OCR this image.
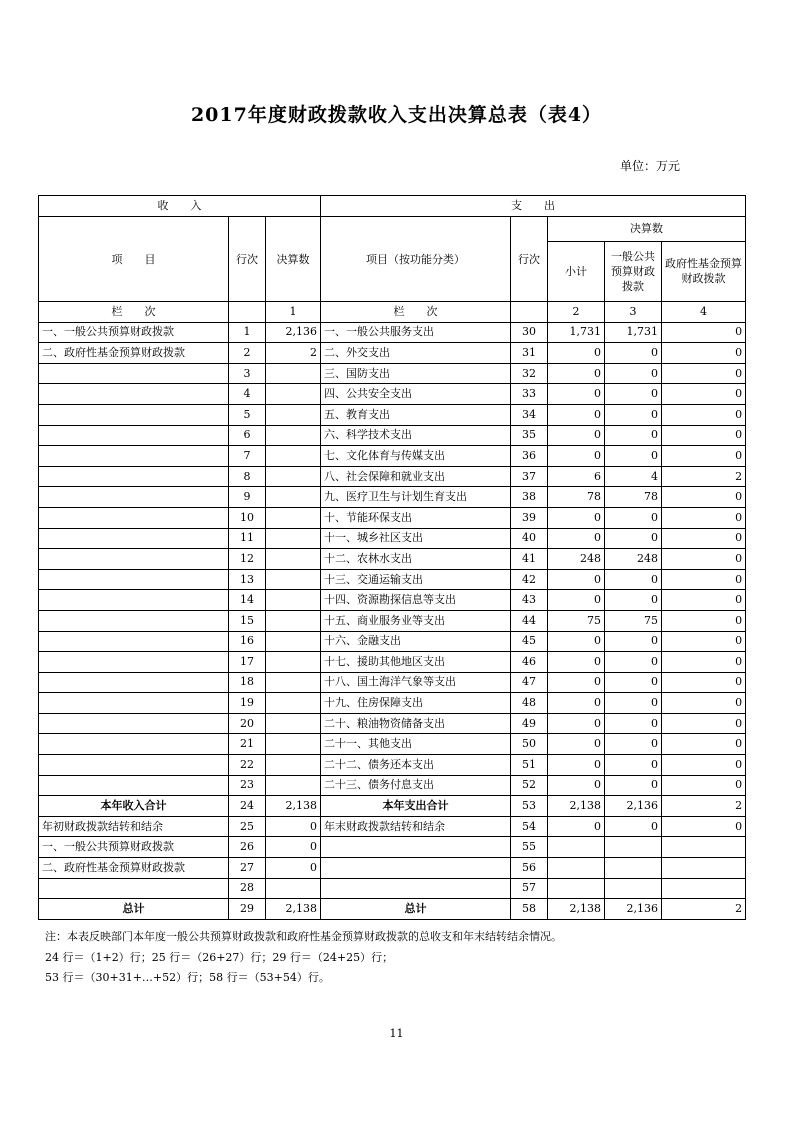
2017年度财政拨款收入支出决算总表（表4）
单位：万元
收　　入			支　　出				
项　　目	行次	决算数	项目（按功能分类）	行次	决算数		
					小计	一般公共预算财政拨款	政府性基金预算财政拨款
栏　　次		1	栏　　次		2	3	4
一、一般公共预算财政拨款	1	2,136	一、一般公共服务支出	30	1,731	1,731	0
二、政府性基金预算财政拨款	2	2	二、外交支出	31	0	0	0
	3		三、国防支出	32	0	0	0
	4		四、公共安全支出	33	0	0	0
	5		五、教育支出	34	0	0	0
	6		六、科学技术支出	35	0	0	0
	7		七、文化体育与传媒支出	36	0	0	0
	8		八、社会保障和就业支出	37	6	4	2
	9		九、医疗卫生与计划生育支出	38	78	78	0
	10		十、节能环保支出	39	0	0	0
	11		十一、城乡社区支出	40	0	0	0
	12		十二、农林水支出	41	248	248	0
	13		十三、交通运输支出	42	0	0	0
	14		十四、资源勘探信息等支出	43	0	0	0
	15		十五、商业服务业等支出	44	75	75	0
	16		十六、金融支出	45	0	0	0
	17		十七、援助其他地区支出	46	0	0	0
	18		十八、国土海洋气象等支出	47	0	0	0
	19		十九、住房保障支出	48	0	0	0
	20		二十、粮油物资储备支出	49	0	0	0
	21		二十一、其他支出	50	0	0	0
	22		二十二、债务还本支出	51	0	0	0
	23		二十三、债务付息支出	52	0	0	0
本年收入合计	24	2,138	本年支出合计	53	2,138	2,136	2
年初财政拨款结转和结余	25	0	年末财政拨款结转和结余	54	0	0	0
一、一般公共预算财政拨款	26	0		55			
二、政府性基金预算财政拨款	27	0		56			
	28			57			
总计	29	2,138	总计	58	2,138	2,136	2
注：本表反映部门本年度一般公共预算财政拨款和政府性基金预算财政拨款的总收支和年末结转结余情况。
24 行＝（1+2）行；25 行＝（26+27）行；29 行＝（24+25）行；
53 行＝（30+31+…+52）行；58 行＝（53+54）行。
11
